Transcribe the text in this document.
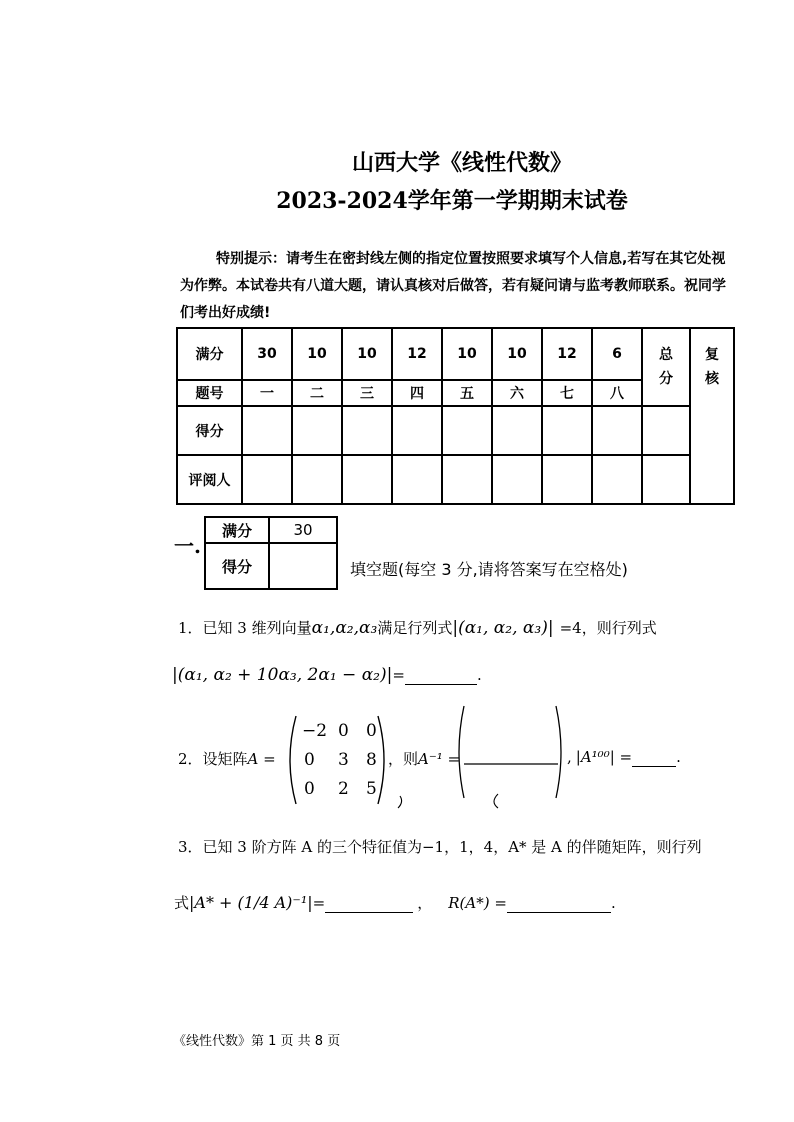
山西大学《线性代数》
2023-2024学年第一学期期末试卷
特别提示：请考生在密封线左侧的指定位置按照要求填写个人信息,若写在其它处视为作弊。本试卷共有八道大题，请认真核对后做答，若有疑问请与监考教师联系。祝同学们考出好成绩!
满分	30	10	10	12	10	10	12	6	总分	复核
题号	一	二	三	四	五	六	七	八		
得分										
评阅人										
一.
满分	30
得分		填空题(每空 3 分,请将答案写在空格处)
1．已知 3 维列向量α₁,α₂,α₃满足行列式|(α₁, α₂, α₃)| =4，则行列式
|(α₁, α₂ + 10α₃, 2α₁ − α₂)|=	.
2．设矩阵A =
−2 0 0
0 3 8
0 2 5
，则A⁻¹ =	, |A¹⁰⁰| =	.
3．已知 3 阶方阵 A 的三个特征值为−1，1，4，A* 是 A 的伴随矩阵，则行列
式|A* + (1/4 A)⁻¹|=	， R(A*) =	.
《线性代数》第 1 页 共 8 页
